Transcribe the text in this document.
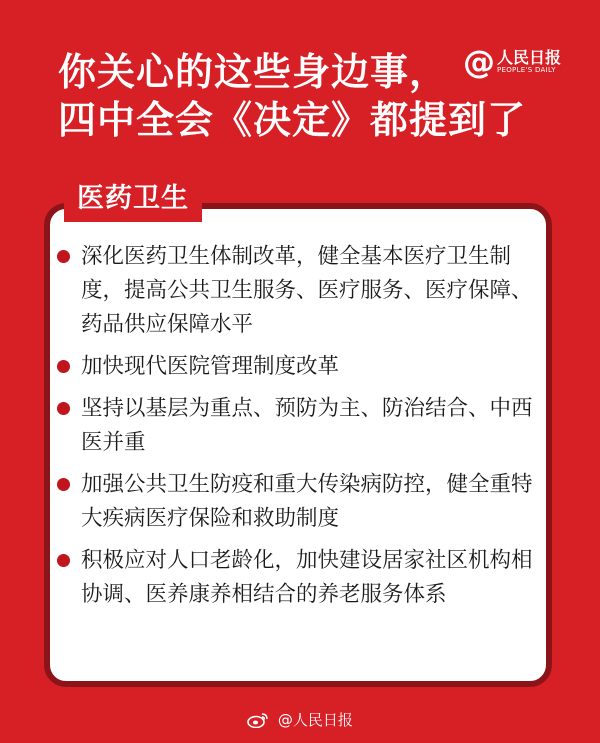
你关心的这些身边事，
四中全会《决定》都提到了
@ 人民日报
PEOPLE'S DAILY
医药卫生
深化医药卫生体制改革，健全基本医疗卫生制度，提高公共卫生服务、医疗服务、医疗保障、药品供应保障水平
加快现代医院管理制度改革
坚持以基层为重点、预防为主、防治结合、中西医并重
加强公共卫生防疫和重大传染病防控，健全重特大疾病医疗保险和救助制度
积极应对人口老龄化，加快建设居家社区机构相协调、医养康养相结合的养老服务体系
@人民日报
